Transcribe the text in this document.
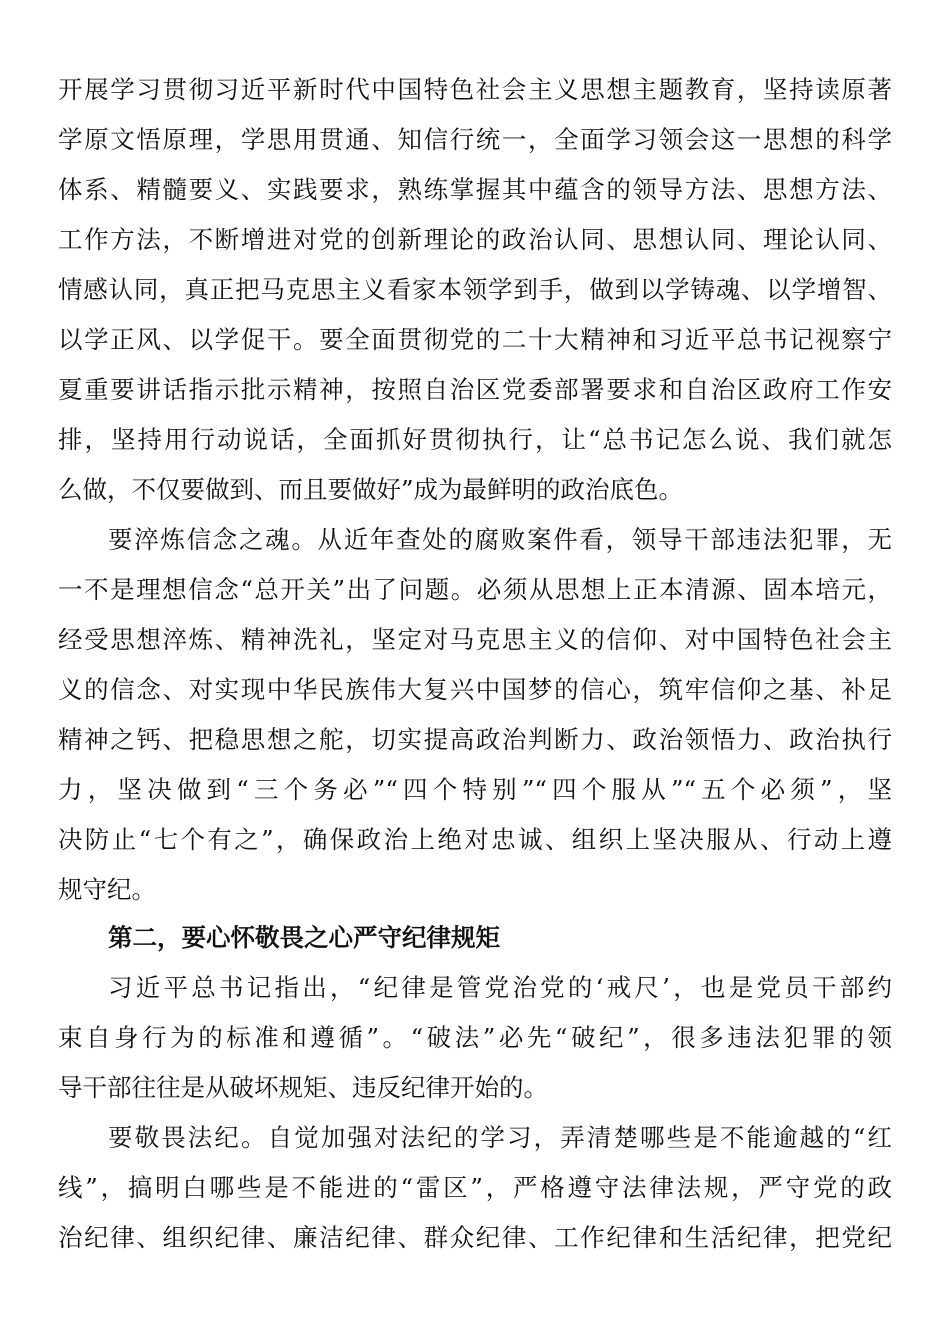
开展学习贯彻习近平新时代中国特色社会主义思想主题教育，坚持读原著
学原文悟原理，学思用贯通、知信行统一，全面学习领会这一思想的科学
体系、精髓要义、实践要求，熟练掌握其中蕴含的领导方法、思想方法、
工作方法，不断增进对党的创新理论的政治认同、思想认同、理论认同、
情感认同，真正把马克思主义看家本领学到手，做到以学铸魂、以学增智、
以学正风、以学促干。要全面贯彻党的二十大精神和习近平总书记视察宁
夏重要讲话指示批示精神，按照自治区党委部署要求和自治区政府工作安
排，坚持用行动说话，全面抓好贯彻执行，让“总书记怎么说、我们就怎
么做，不仅要做到、而且要做好”成为最鲜明的政治底色。
要淬炼信念之魂。从近年查处的腐败案件看，领导干部违法犯罪，无
一不是理想信念“总开关”出了问题。必须从思想上正本清源、固本培元，
经受思想淬炼、精神洗礼，坚定对马克思主义的信仰、对中国特色社会主
义的信念、对实现中华民族伟大复兴中国梦的信心，筑牢信仰之基、补足
精神之钙、把稳思想之舵，切实提高政治判断力、政治领悟力、政治执行
力，坚决做到“三个务必”“四个特别”“四个服从”“五个必须”，坚
决防止“七个有之”，确保政治上绝对忠诚、组织上坚决服从、行动上遵
规守纪。
第二，要心怀敬畏之心严守纪律规矩
习近平总书记指出，“纪律是管党治党的‘戒尺’，也是党员干部约
束自身行为的标准和遵循”。“破法”必先“破纪”，很多违法犯罪的领
导干部往往是从破坏规矩、违反纪律开始的。
要敬畏法纪。自觉加强对法纪的学习，弄清楚哪些是不能逾越的“红
线”，搞明白哪些是不能进的“雷区”，严格遵守法律法规，严守党的政
治纪律、组织纪律、廉洁纪律、群众纪律、工作纪律和生活纪律，把党纪
